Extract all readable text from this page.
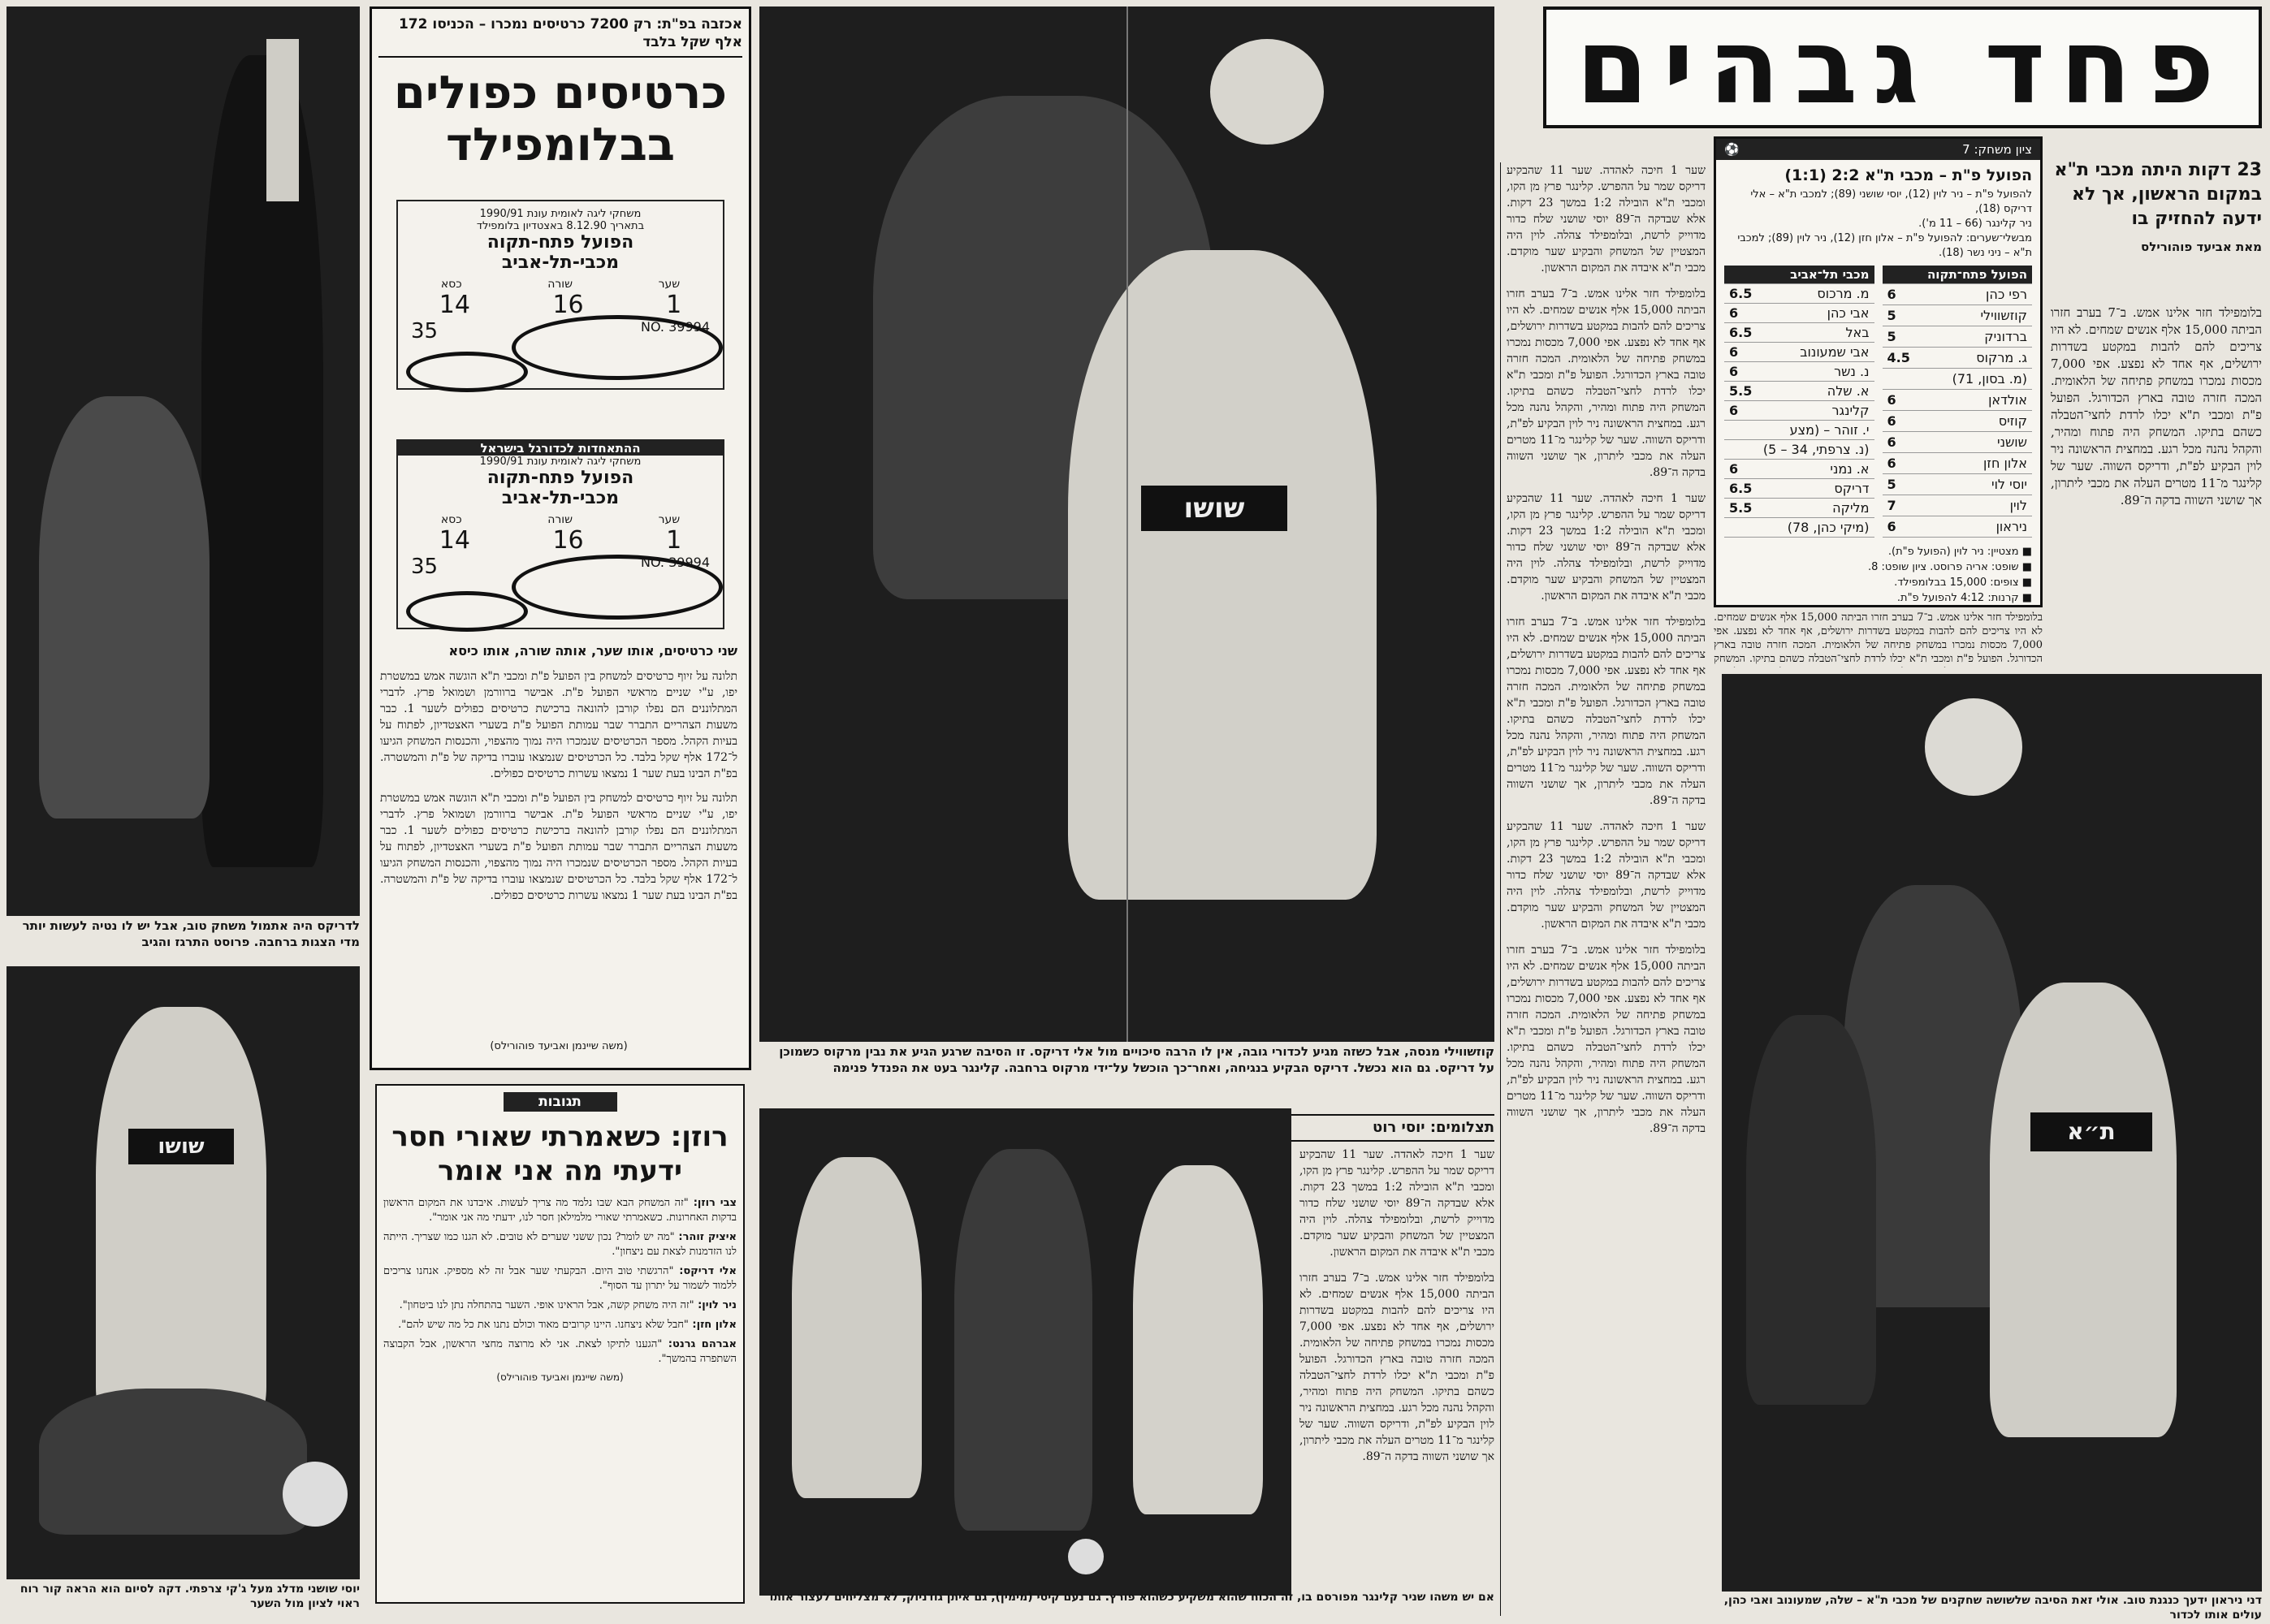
פחד גבהים
23 דקות היתה מכבי ת"א במקום הראשון, אך לא ידעה להחזיק בו
מאת אביעד פוהורילס
ציון משחק: 7
⚽
הפועל פ"ת – מכבי ת"א 2:2 (1:1)
להפועל פ"ת – ניר לוין (12), יוסי שושני (89); למכבי ת"א – אלי דריקס (18),
ניר קלינגר (66 – 11 מ').
מבשלי־שערים: להפועל פ"ת – אלון חזן (12), ניר לוין (89); למכבי ת"א – ניני נשר (18).
הפועל פתח־תקוה	
רפי כהן	6
קוזשווילי	5
ברדוניק	5
ג. מרקוס	4.5
(מ. בסון, 71)	
אולדאן	6
קוזיס	6
שושני	6
אלון חזן	6
יוסי לוי	5
לוין	7
ניראון	6
מכבי תל־אביב	
מ. מרכוס	6.5
אבי כהן	6
באל	6.5
אבי שמעונוב	6
נ. נשר	6
א. שלה	5.5
קלינגר	6
י. זוהר – (מצע	
(נ. צרפתי, 34 – 5)	
א. נמני	6
דריקס	6.5
מליקה	5.5
(מיקי כהן, 78)	
■ מצטיין: ניר לוין (הפועל פ"ת).
■ שופט: אריה פרוסט. ציון שופט: 8.
■ צופים: 15,000 בבלומפילד.
■ קרנות: 4:12 להפועל פ"ת.
■

בלומפילד חזר אלינו אמש. ב־7 בערב חזרו הביתה 15,000 אלף אנשים שמחים. לא היו צריכים להם להבות במקטע בשדרות ירושלים, אף אחד לא נפצע. אפי 7,000 מכסות נמכרו במשחק פתיחה של הלאומית. המכה חזרה טובה בארץ הכדורגל. הפועל פ"ת ומכבי ת"א יכלו לרדת לחצי־הטבלה כשהם בתיקו. המשחק היה פתוח ומהיר, והקהל נהנה מכל רגע. במחצית הראשונה ניר לוין הבקיע לפ"ת, ודריקס השווה. שער של קלינגר מ־11 מטרים העלה את מכבי ליתרון, אך שושני השווה בדקה ה־89.

בלומפילד חזר אלינו אמש. ב־7 בערב חזרו הביתה 15,000 אלף אנשים שמחים. לא היו צריכים להם להבות במקטע בשדרות ירושלים, אף אחד לא נפצע. אפי 7,000 מכסות נמכרו במשחק פתיחה של הלאומית. המכה חזרה טובה בארץ הכדורגל. הפועל פ"ת ומכבי ת"א יכלו לרדת לחצי־הטבלה כשהם בתיקו. המשחק

ת״א
דני ניראון ידעך כנגנת טוב. אולי זאת הסיבה שלשושה שחקנים של מכבי ת"א – שלה, שמעונוב ואבי כהן, עולים אותו לכדור

שער 1 חיכה לאהדה. שער 11 שהבקיע דריקס שמר על ההפרש. קלינגר פרץ מן הקו, ומכבי ת"א הובילה 1:2 במשך 23 דקות. אלא שבדקה ה־89 יוסי שושני שלח כדור מדוייק לרשת, ובלומפילד צהלה. לוין היה המצטיין של המשחק והבקיע שער מוקדם. מכבי ת"א איבדה את המקום הראשון.

בלומפילד חזר אלינו אמש. ב־7 בערב חזרו הביתה 15,000 אלף אנשים שמחים. לא היו צריכים להם להבות במקטע בשדרות ירושלים, אף אחד לא נפצע. אפי 7,000 מכסות נמכרו במשחק פתיחה של הלאומית. המכה חזרה טובה בארץ הכדורגל. הפועל פ"ת ומכבי ת"א יכלו לרדת לחצי־הטבלה כשהם בתיקו. המשחק היה פתוח ומהיר, והקהל נהנה מכל רגע. במחצית הראשונה ניר לוין הבקיע לפ"ת, ודריקס השווה. שער של קלינגר מ־11 מטרים העלה את מכבי ליתרון, אך שושני השווה בדקה ה־89.

שער 1 חיכה לאהדה. שער 11 שהבקיע דריקס שמר על ההפרש. קלינגר פרץ מן הקו, ומכבי ת"א הובילה 1:2 במשך 23 דקות. אלא שבדקה ה־89 יוסי שושני שלח כדור מדוייק לרשת, ובלומפילד צהלה. לוין היה המצטיין של המשחק והבקיע שער מוקדם. מכבי ת"א איבדה את המקום הראשון.

בלומפילד חזר אלינו אמש. ב־7 בערב חזרו הביתה 15,000 אלף אנשים שמחים. לא היו צריכים להם להבות במקטע בשדרות ירושלים, אף אחד לא נפצע. אפי 7,000 מכסות נמכרו במשחק פתיחה של הלאומית. המכה חזרה טובה בארץ הכדורגל. הפועל פ"ת ומכבי ת"א יכלו לרדת לחצי־הטבלה כשהם בתיקו. המשחק היה פתוח ומהיר, והקהל נהנה מכל רגע. במחצית הראשונה ניר לוין הבקיע לפ"ת, ודריקס השווה. שער של קלינגר מ־11 מטרים העלה את מכבי ליתרון, אך שושני השווה בדקה ה־89.

שער 1 חיכה לאהדה. שער 11 שהבקיע דריקס שמר על ההפרש. קלינגר פרץ מן הקו, ומכבי ת"א הובילה 1:2 במשך 23 דקות. אלא שבדקה ה־89 יוסי שושני שלח כדור מדוייק לרשת, ובלומפילד צהלה. לוין היה המצטיין של המשחק והבקיע שער מוקדם. מכבי ת"א איבדה את המקום הראשון.

בלומפילד חזר אלינו אמש. ב־7 בערב חזרו הביתה 15,000 אלף אנשים שמחים. לא היו צריכים להם להבות במקטע בשדרות ירושלים, אף אחד לא נפצע. אפי 7,000 מכסות נמכרו במשחק פתיחה של הלאומית. המכה חזרה טובה בארץ הכדורגל. הפועל פ"ת ומכבי ת"א יכלו לרדת לחצי־הטבלה כשהם בתיקו. המשחק היה פתוח ומהיר, והקהל נהנה מכל רגע. במחצית הראשונה ניר לוין הבקיע לפ"ת, ודריקס השווה. שער של קלינגר מ־11 מטרים העלה את מכבי ליתרון, אך שושני השווה בדקה ה־89.

שושו
קוזשווילי מנסה, אבל כשזה מגיע לכדורי גובה, אין לו הרבה סיכויים מול אלי דריקס. זו הסיבה שרגע הגיע את נבין מרקוס כשמוכן על דריקס. גם הוא נכשל. דריקס הבקיע בנגיחה, ואחר־כך הוכשל על־ידי מרקוס ברחבה. קלינגר בעט את הפנדל פנימה
תצלומים: יוסי רוט

שער 1 חיכה לאהדה. שער 11 שהבקיע דריקס שמר על ההפרש. קלינגר פרץ מן הקו, ומכבי ת"א הובילה 1:2 במשך 23 דקות. אלא שבדקה ה־89 יוסי שושני שלח כדור מדוייק לרשת, ובלומפילד צהלה. לוין היה המצטיין של המשחק והבקיע שער מוקדם. מכבי ת"א איבדה את המקום הראשון.

בלומפילד חזר אלינו אמש. ב־7 בערב חזרו הביתה 15,000 אלף אנשים שמחים. לא היו צריכים להם להבות במקטע בשדרות ירושלים, אף אחד לא נפצע. אפי 7,000 מכסות נמכרו במשחק פתיחה של הלאומית. המכה חזרה טובה בארץ הכדורגל. הפועל פ"ת ומכבי ת"א יכלו לרדת לחצי־הטבלה כשהם בתיקו. המשחק היה פתוח ומהיר, והקהל נהנה מכל רגע. במחצית הראשונה ניר לוין הבקיע לפ"ת, ודריקס השווה. שער של קלינגר מ־11 מטרים העלה את מכבי ליתרון, אך שושני השווה בדקה ה־89.

אם יש משהו שניר קלינגר מפורסם בו, זה הכוח שהוא משקיע כשהוא פורץ. גם נעם קיסי (מימין), גם איתן גודניוק, לא מצליחים לעצור אותו
אכזבה בפ"ת: רק 7200 כרטיסים נמכרו – הכניסו 172 אלף שקל בלבד
כרטיסים כפולים
בבלומפילד
משחקי ליגה לאומית עונת 1990/91
בתאריך 8.12.90 באצטדיון בלומפילד
הפועל פתח-תקוה
מכבי-תל-אביב
שער
שורה
כסא
1
16
14
NO. 39994
35
ההתאחדות לכדורגל בישראל
משחקי ליגה לאומית עונת 1990/91
הפועל פתח-תקוה
מכבי-תל-אביב
שער
שורה
כסא
1
16
14
NO. 39994
35
שני כרטיסים, אותו שער, אותה שורה, אותו כיסא

תלונה על זיוף כרטיסים למשחק בין הפועל פ"ת ומכבי ת"א הוגשה אמש במשטרת יפו, ע"י שניים מראשי הפועל פ"ת. אבישר ברוורמן ושמואל פרץ. לדברי המתלוננים הם נפלו קורבן להונאה ברכישת כרטיסים כפולים לשער 1. כבר משעות הצהריים התברר שבר עמותת הפועל פ"ת בשערי האצטדיון, לפתוח על בעיות הקהל. מספר הכרטיסים שנמכרו היה נמוך מהצפוי, והכנסות המשחק הגיעו ל־172 אלף שקל בלבד. כל הכרטיסים שנמצאו עוברו בדיקה של פ"ת והמשטרה. בפ"ת הבינו בעת שער 1 נמצאו עשרות כרטיסים כפולים.

תלונה על זיוף כרטיסים למשחק בין הפועל פ"ת ומכבי ת"א הוגשה אמש במשטרת יפו, ע"י שניים מראשי הפועל פ"ת. אבישר ברוורמן ושמואל פרץ. לדברי המתלוננים הם נפלו קורבן להונאה ברכישת כרטיסים כפולים לשער 1. כבר משעות הצהריים התברר שבר עמותת הפועל פ"ת בשערי האצטדיון, לפתוח על בעיות הקהל. מספר הכרטיסים שנמכרו היה נמוך מהצפוי, והכנסות המשחק הגיעו ל־172 אלף שקל בלבד. כל הכרטיסים שנמצאו עוברו בדיקה של פ"ת והמשטרה. בפ"ת הבינו בעת שער 1 נמצאו עשרות כרטיסים כפולים.

(משה שיינמן ואביעד פוהורילס)
תגובות
רוזן: כשאמרתי שאורי חסר
ידעתי מה אני אומר

צבי רוזן: "זה המשחק הבא שבו נלמד מה צריך לעשות. איבדנו את המקום הראשון בדקות האחרונות. כשאמרתי שאורי מלמילאן חסר לנו, ידעתי מה אני אומר".

איציק זוהר: "מה יש לומר? נכון ששני שערים לא טובים. לא הגנו כמו שצריך. הייתה לנו הזדמנות לצאת עם ניצחון".

אלי דריקס: "הרגשתי טוב היום. הבקעתי שער אבל זה לא מספיק. אנחנו צריכים ללמוד לשמור על יתרון עד הסוף".

ניר לוין: "זה היה משחק קשה, אבל הראינו אופי. השער בהתחלה נתן לנו ביטחון".

אלון חזן: "חבל שלא ניצחנו. היינו קרובים מאוד וכולם נתנו את כל מה שיש להם".

אברהם גרנט: "הגענו לתיקו לצאת. אני לא מרוצה מחצי הראשון, אבל הקבוצה השתפרה בהמשך".

(משה שיינמן ואביעד פוהורילס)
לדריקס היה אתמול משחק טוב, אבל יש לו נטיה לעשות יותר מדי הצגות ברחבה. פרוסט התרגז והגיב
שושו
יוסי שושני מדלג מעל ג'קי צרפתי. דקה לסיום הוא הראה קור רוח ראוי לציון מול השער
